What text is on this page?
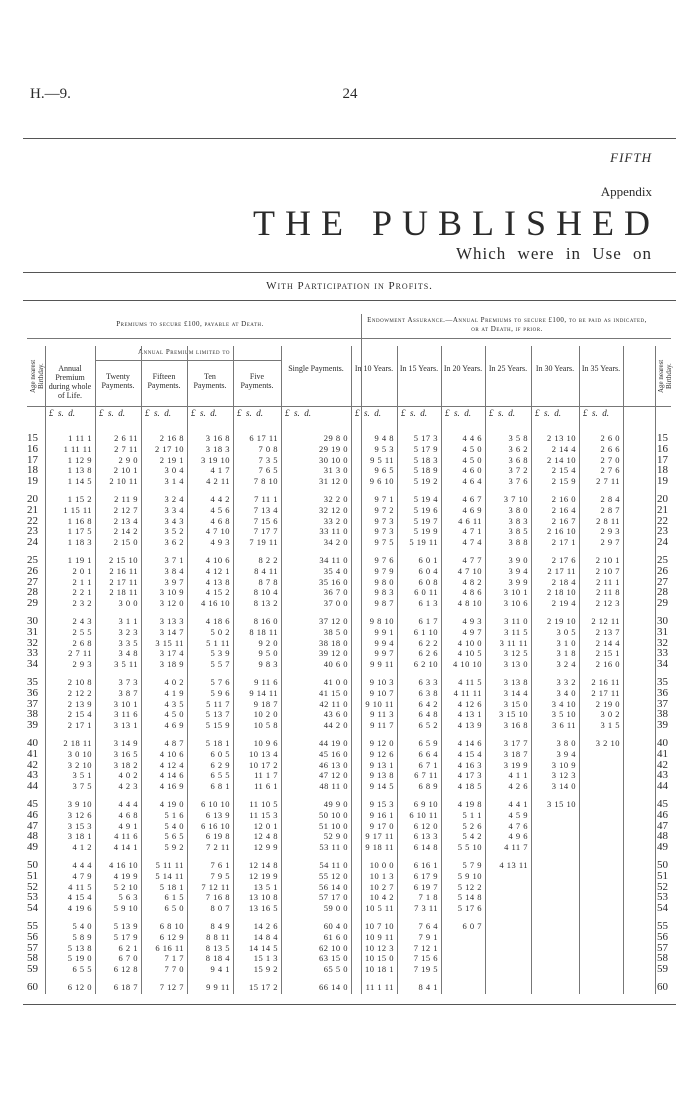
H.—9.	24
FIFTH
Appendix
THE PUBLISHED
Which were in Use on
With Participation in Profits.
Premiums to secure £100, payable at Death.	Endowment Assurance.—Annual Premiums to secure £100, to be paid as indicated, or at Death, if prior.
Annual Premium limited to
Age nearest Birthday.	Age nearest Birthday.
Annual Premium during whole of Life.
Twenty Payments.
Fifteen Payments.
Ten Payments.
Five Payments.
Single Payments.	In 10 Years. In 15 Years. In 20 Years. In 25 Years.	In 30 Years. In 35 Years.
£  s.  d.	£  s.  d. £  s.  d. £  s.  d. £  s.  d. £  s.  d.	£  s.  d. £  s.  d. £  s.  d. £  s.  d. £  s.  d. £  s.  d.
15	15
1 11 1	2 6 11	2 16 8	3 16 8	6 17 11	29 8 0	9 4 8	5 17 3	4 4 6	3 5 8	2 13 10	2 6 0
16	16
1 11 11	2 7 11	2 17 10	3 18 3	7 0 8	29 19 0	9 5 3	5 17 9	4 5 0	3 6 2	2 14 4	2 6 6
17	17
1 12 9	2 9 0	2 19 1	3 19 10	7 3 5	30 10 0	9 5 11	5 18 3	4 5 0	3 6 8	2 14 10	2 7 0
18	18
1 13 8	2 10 1	3 0 4	4 1 7	7 6 5	31 3 0	9 6 5	5 18 9	4 6 0	3 7 2	2 15 4	2 7 6
19	19
1 14 5	2 10 11	3 1 4	4 2 11	7 8 10	31 12 0	9 6 10	5 19 2	4 6 4	3 7 6	2 15 9	2 7 11
20	20
1 15 2	2 11 9	3 2 4	4 4 2	7 11 1	32 2 0	9 7 1	5 19 4	4 6 7	3 7 10	2 16 0	2 8 4
21	21
1 15 11	2 12 7	3 3 4	4 5 6	7 13 4	32 12 0	9 7 2	5 19 6	4 6 9	3 8 0	2 16 4	2 8 7
22	22
1 16 8	2 13 4	3 4 3	4 6 8	7 15 6	33 2 0	9 7 3	5 19 7	4 6 11	3 8 3	2 16 7	2 8 11
23	23
1 17 5	2 14 2	3 5 2	4 7 10	7 17 7	33 11 0	9 7 3	5 19 9	4 7 1	3 8 5	2 16 10	2 9 3
24	24
1 18 3	2 15 0	3 6 2	4 9 3	7 19 11	34 2 0	9 7 5	5 19 11	4 7 4	3 8 8	2 17 1	2 9 7
25	25
1 19 1	2 15 10	3 7 1	4 10 6	8 2 2	34 11 0	9 7 6	6 0 1	4 7 7	3 9 0	2 17 6	2 10 1
26	26
2 0 1	2 16 11	3 8 4	4 12 1	8 4 11	35 4 0	9 7 9	6 0 4	4 7 10	3 9 4	2 17 11	2 10 7
27	27
2 1 1	2 17 11	3 9 7	4 13 8	8 7 8	35 16 0	9 8 0	6 0 8	4 8 2	3 9 9	2 18 4	2 11 1
28	28
2 2 1	2 18 11	3 10 9	4 15 2	8 10 4	36 7 0	9 8 3	6 0 11	4 8 6	3 10 1	2 18 10	2 11 8
29	29
2 3 2	3 0 0	3 12 0	4 16 10	8 13 2	37 0 0	9 8 7	6 1 3	4 8 10	3 10 6	2 19 4	2 12 3
30	30
2 4 3	3 1 1	3 13 3	4 18 6	8 16 0	37 12 0	9 8 10	6 1 7	4 9 3	3 11 0	2 19 10	2 12 11
31	31
2 5 5	3 2 3	3 14 7	5 0 2	8 18 11	38 5 0	9 9 1	6 1 10	4 9 7	3 11 5	3 0 5	2 13 7
32	32
2 6 8	3 3 5	3 15 11	5 1 11	9 2 0	38 18 0	9 9 4	6 2 2	4 10 0	3 11 11	3 1 0	2 14 4
33	33
2 7 11	3 4 8	3 17 4	5 3 9	9 5 0	39 12 0	9 9 7	6 2 6	4 10 5	3 12 5	3 1 8	2 15 1
34	34
2 9 3	3 5 11	3 18 9	5 5 7	9 8 3	40 6 0	9 9 11	6 2 10	4 10 10	3 13 0	3 2 4	2 16 0
35	35
2 10 8	3 7 3	4 0 2	5 7 6	9 11 6	41 0 0	9 10 3	6 3 3	4 11 5	3 13 8	3 3 2	2 16 11
36	36
2 12 2	3 8 7	4 1 9	5 9 6	9 14 11	41 15 0	9 10 7	6 3 8	4 11 11	3 14 4	3 4 0	2 17 11
37	37
2 13 9	3 10 1	4 3 5	5 11 7	9 18 7	42 11 0	9 10 11	6 4 2	4 12 6	3 15 0	3 4 10	2 19 0
38	38
2 15 4	3 11 6	4 5 0	5 13 7	10 2 0	43 6 0	9 11 3	6 4 8	4 13 1	3 15 10	3 5 10	3 0 2
39	39
2 17 1	3 13 1	4 6 9	5 15 9	10 5 8	44 2 0	9 11 7	6 5 2	4 13 9	3 16 8	3 6 11	3 1 5
40	40
2 18 11	3 14 9	4 8 7	5 18 1	10 9 6	44 19 0	9 12 0	6 5 9	4 14 6	3 17 7	3 8 0	3 2 10
41	41
3 0 10	3 16 5	4 10 6	6 0 5	10 13 4	45 16 0	9 12 6	6 6 4	4 15 4	3 18 7	3 9 4
42	42
3 2 10	3 18 2	4 12 4	6 2 9	10 17 2	46 13 0	9 13 1	6 7 1	4 16 3	3 19 9	3 10 9
43	43
3 5 1	4 0 2	4 14 6	6 5 5	11 1 7	47 12 0	9 13 8	6 7 11	4 17 3	4 1 1	3 12 3
44	44
3 7 5	4 2 3	4 16 9	6 8 1	11 6 1	48 11 0	9 14 5	6 8 9	4 18 5	4 2 6	3 14 0
45	45
3 9 10	4 4 4	4 19 0	6 10 10	11 10 5	49 9 0	9 15 3	6 9 10	4 19 8	4 4 1	3 15 10
46	46
3 12 6	4 6 8	5 1 6	6 13 9	11 15 3	50 10 0	9 16 1	6 10 11	5 1 1	4 5 9
47	47
3 15 3	4 9 1	5 4 0	6 16 10	12 0 1	51 10 0	9 17 0	6 12 0	5 2 6	4 7 6
48	48
3 18 1	4 11 6	5 6 5	6 19 8	12 4 8	52 9 0	9 17 11	6 13 3	5 4 2	4 9 6
49	49
4 1 2	4 14 1	5 9 2	7 2 11	12 9 9	53 11 0	9 18 11	6 14 8	5 5 10	4 11 7
50	50
4 4 4	4 16 10	5 11 11	7 6 1	12 14 8	54 11 0	10 0 0	6 16 1	5 7 9	4 13 11
51	51
4 7 9	4 19 9	5 14 11	7 9 5	12 19 9	55 12 0	10 1 3	6 17 9	5 9 10
52	52
4 11 5	5 2 10	5 18 1	7 12 11	13 5 1	56 14 0	10 2 7	6 19 7	5 12 2
53	53
4 15 4	5 6 3	6 1 5	7 16 8	13 10 8	57 17 0	10 4 2	7 1 8	5 14 8
54	54
4 19 6	5 9 10	6 5 0	8 0 7	13 16 5	59 0 0	10 5 11	7 3 11	5 17 6
55	55
5 4 0	5 13 9	6 8 10	8 4 9	14 2 6	60 4 0	10 7 10	7 6 4	6 0 7
56	56
5 8 9	5 17 9	6 12 9	8 8 11	14 8 4	61 6 0	10 9 11	7 9 1
57	57
5 13 8	6 2 1	6 16 11	8 13 5	14 14 5	62 10 0	10 12 3	7 12 1
58	58
5 19 0	6 7 0	7 1 7	8 18 4	15 1 3	63 15 0	10 15 0	7 15 6
59	59
6 5 5	6 12 8	7 7 0	9 4 1	15 9 2	65 5 0	10 18 1	7 19 5
60	60
6 12 0	6 18 7	7 12 7	9 9 11	15 17 2	66 14 0	11 1 11	8 4 1
